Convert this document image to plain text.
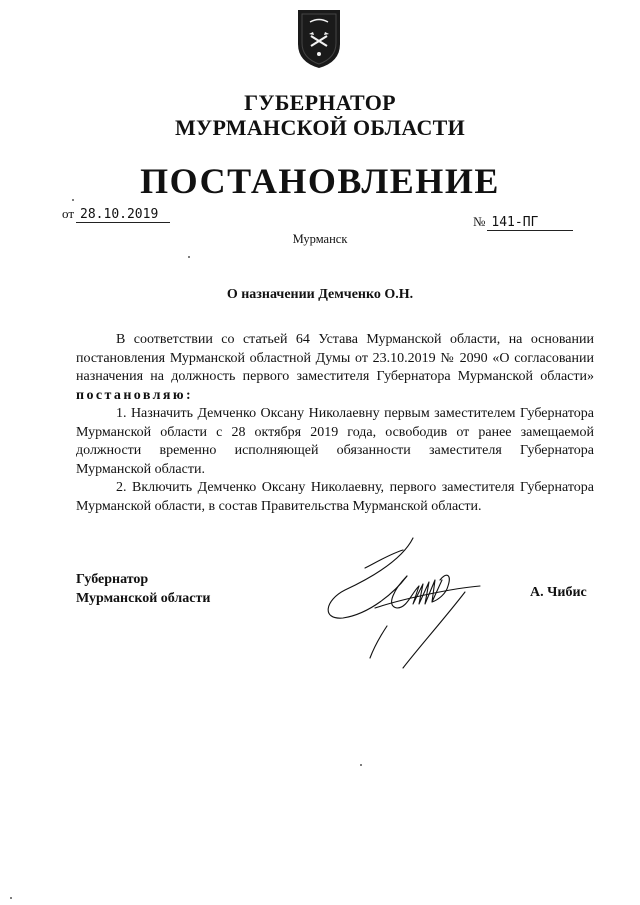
ГУБЕРНАТОР
МУРМАНСКОЙ ОБЛАСТИ
ПОСТАНОВЛЕНИЕ
от 28.10.2019	№ 141-ПГ
Мурманск
О назначении Демченко О.Н.

В соответствии со статьей 64 Устава Мурманской области, на основании постановления Мурманской областной Думы от 23.10.2019 № 2090 «О согласовании назначения на должность первого заместителя Губернатора Мурманской области» постановляю:

1. Назначить Демченко Оксану Николаевну первым заместителем Губернатора Мурманской области с 28 октября 2019 года, освободив от ранее замещаемой должности временно исполняющей обязанности заместителя Губернатора Мурманской области.

2. Включить Демченко Оксану Николаевну, первого заместителя Губернатора Мурманской области, в состав Правительства Мурманской области.

Губернатор
Мурманской области	А. Чибис
